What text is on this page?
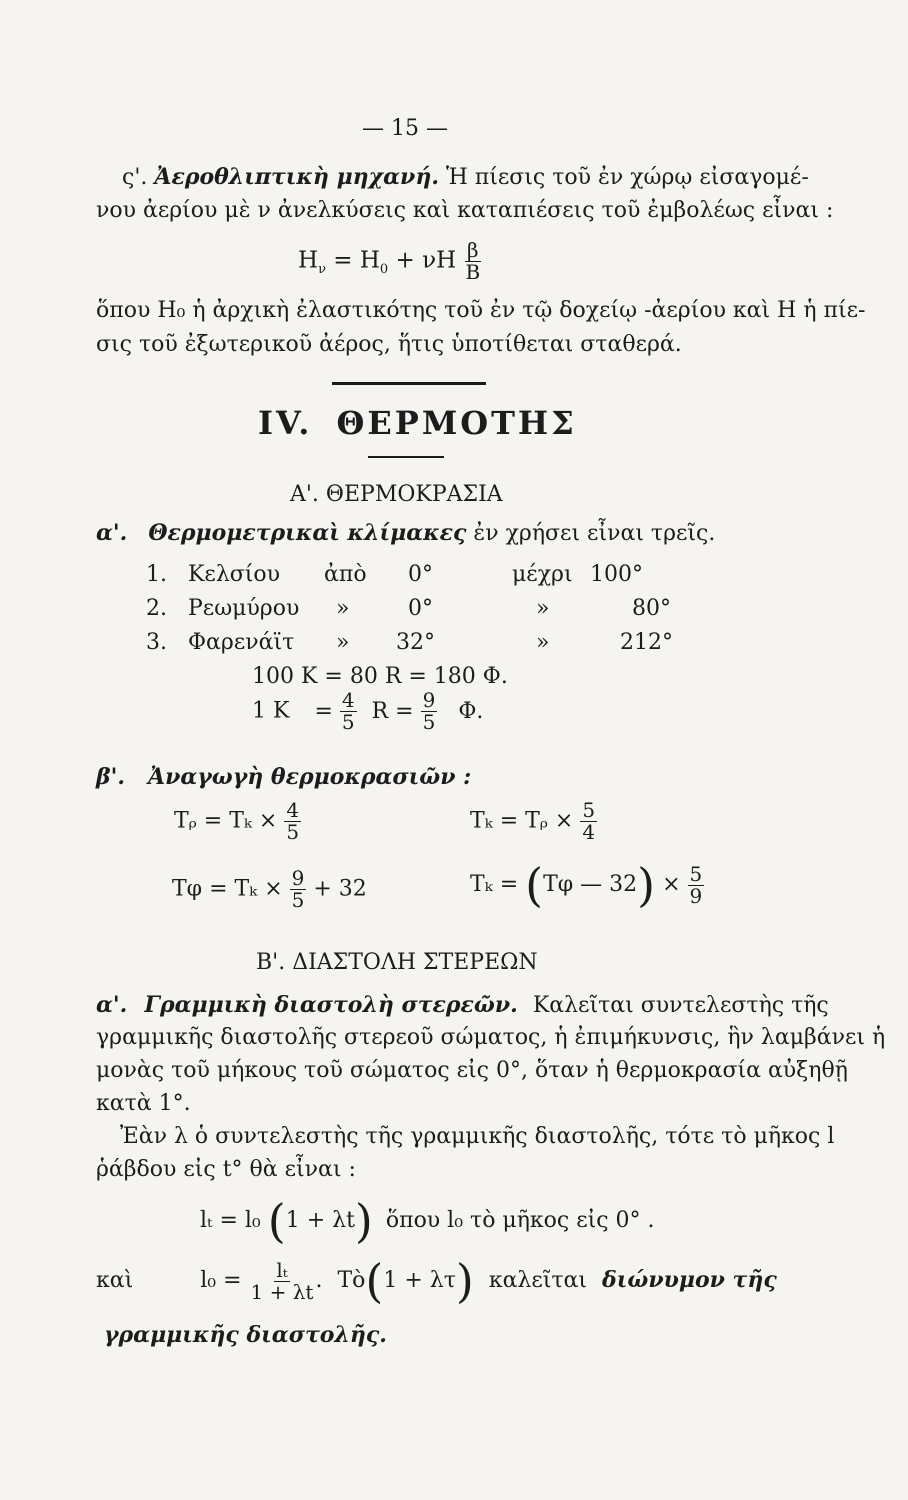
— 15 —
ς'. Ἀεροθλιπτικὴ μηχανή. Ἡ πίεσις τοῦ ἐν χώρῳ εἰσαγομέ-
νου ἀερίου μὲ ν ἀνελκύσεις καὶ καταπιέσεις τοῦ ἐμβολέως εἶναι :
$H_\nu = H_0 + \nu H \frac{\beta}{B}$
ὅπου H₀ ἡ ἀρχικὴ ἐλαστικότης τοῦ ἐν τῷ δοχείῳ -ἀερίου καὶ H ἡ πίε-
σις τοῦ ἐξωτερικοῦ ἀέρος, ἥτις ὑποτίθεται σταθερά.
IV. ΘΕΡΜΟΤΗΣ
Α'. ΘΕΡΜΟΚΡΑΣΙΑ
α'. Θερμομετρικαὶ κλίμακες ἐν χρήσει εἶναι τρεῖς.
1. Κελσίου ἀπὸ 0°	μέχρι 100°
2. Ρεωμύρου »	0°	»	80°
3. Φαρενάϊτ » 32°	»	212°
100 K = 80 R = 180 Φ.
1 $K = \frac{4}{5}$ $R = \frac{9}{5} \Phi$.
β'. Ἀναγωγὴ θερμοκρασιῶν :
Tᵨ = $T_k \times \frac{4}{5}$	Tₖ = Tᵨ × $\frac{5}{4}$
$T\varphi = T_k \times \frac{9}{5} + 32$	Tₖ = (Tφ — $32) \times \frac{5}{9}$
Β'. ΔΙΑΣΤΟΛΗ ΣΤΕΡΕΩΝ
α'. Γραμμικὴ διαστολὴ στερεῶν. Καλεῖται συντελεστὴς τῆς
γραμμικῆς διαστολῆς στερεοῦ σώματος, ἡ ἐπιμήκυνσις, ἣν λαμβάνει ἡ
μονὰς τοῦ μήκους τοῦ σώματος εἰς 0°, ὅταν ἡ θερμοκρασία αὐξηθῇ
κατὰ 1°.
Ἐὰν λ ὁ συντελεστὴς τῆς γραμμικῆς διαστολῆς, τότε τὸ μῆκος l
ῥάβδου εἰς t° θὰ εἶναι :
lₜ = l₀ (1 + λt) ὅπου l₀ τὸ μῆκος εἰς 0° .
καὶ	$l_0 = \frac{\text{lₜ}}{1 + \lambda t}$ . Τὸ(1 + λτ) καλεῖται διώνυμον τῆς
γραμμικῆς διαστολῆς.
